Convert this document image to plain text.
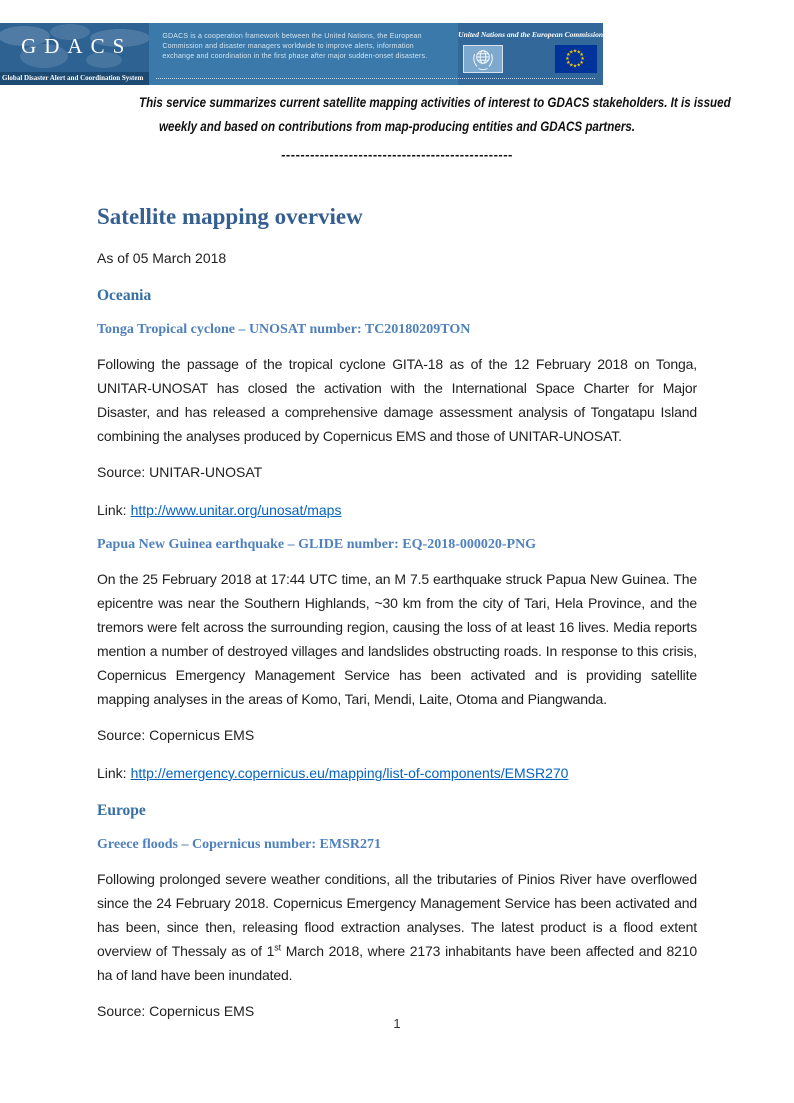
GDACS
Global Disaster Alert and Coordination System
GDACS is a cooperation framework between the United Nations, the European Commission and disaster managers worldwide to improve alerts, information exchange and coordination in the first phase after major sudden-onset disasters.
United Nations and the European Commission
★ ★
★
★
★
★
★
★
★
★
★
★
This service summarizes current satellite mapping activities of interest to GDACS stakeholders. It is issued
weekly and based on contributions from map-producing entities and GDACS partners.
------------------------------------------------
Satellite mapping overview

As of 05 March 2018

Oceania
Tonga Tropical cyclone – UNOSAT number: TC20180209TON

Following the passage of the tropical cyclone GITA-18 as of the 12 February 2018 on Tonga, UNITAR-UNOSAT has closed the activation with the International Space Charter for Major Disaster, and has released a comprehensive damage assessment analysis of Tongatapu Island combining the analyses produced by Copernicus EMS and those of UNITAR-UNOSAT.

Source: UNITAR-UNOSAT

Link: http://www.unitar.org/unosat/maps

Papua New Guinea earthquake – GLIDE number: EQ-2018-000020-PNG

On the 25 February 2018 at 17:44 UTC time, an M 7.5 earthquake struck Papua New Guinea. The epicentre was near the Southern Highlands, ~30 km from the city of Tari, Hela Province, and the tremors were felt across the surrounding region, causing the loss of at least 16 lives. Media reports mention a number of destroyed villages and landslides obstructing roads. In response to this crisis, Copernicus Emergency Management Service has been activated and is providing satellite mapping analyses in the areas of Komo, Tari, Mendi, Laite, Otoma and Piangwanda.

Source: Copernicus EMS

Link: http://emergency.copernicus.eu/mapping/list-of-components/EMSR270

Europe
Greece floods – Copernicus number: EMSR271

Following prolonged severe weather conditions, all the tributaries of Pinios River have overflowed since the 24 February 2018. Copernicus Emergency Management Service has been activated and has been, since then, releasing flood extraction analyses. The latest product is a flood extent overview of Thessaly as of 1st March 2018, where 2173 inhabitants have been affected and 8210 ha of land have been inundated.

Source: Copernicus EMS

1
